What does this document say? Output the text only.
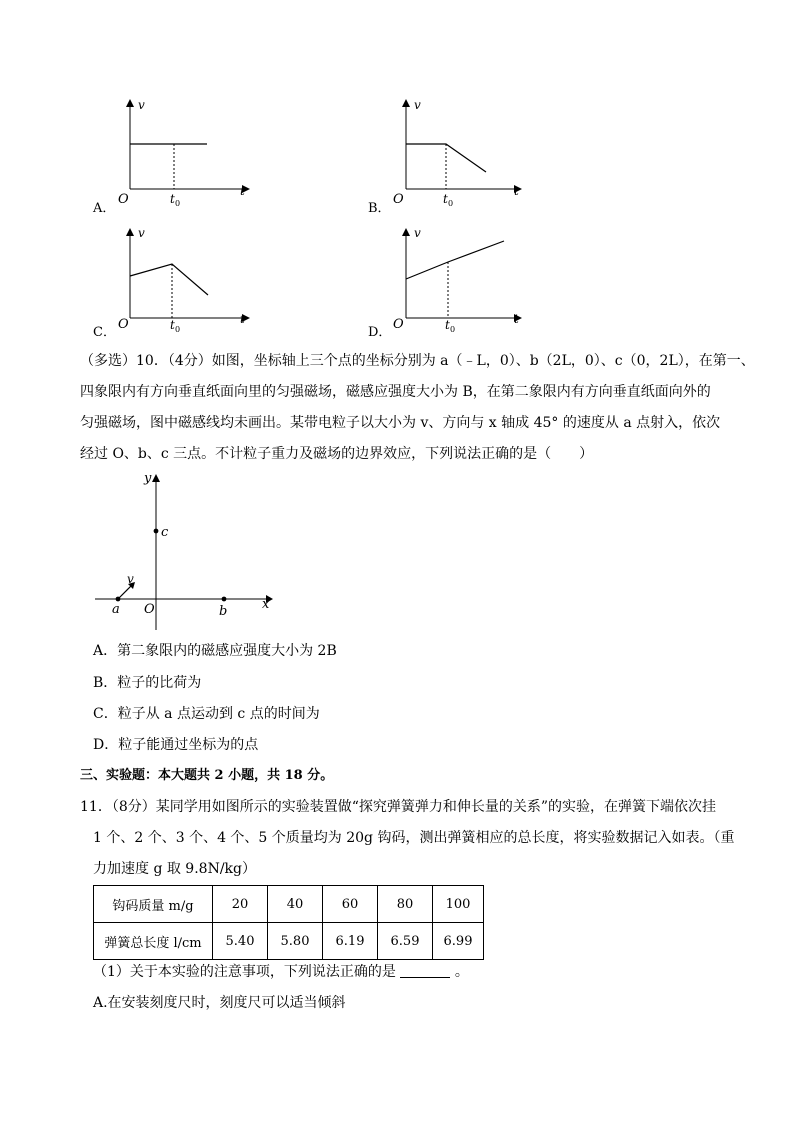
v
t
O	t 0
A．
v
t
O	t 0
B．
v
t
O	t 0
C．
v
t
O	t 0
D．
（多选）10．（4分）如图，坐标轴上三个点的坐标分别为 a（﹣L，0）、b（2L，0）、c（0，2L），在第一、
四象限内有方向垂直纸面向里的匀强磁场，磁感应强度大小为 B，在第二象限内有方向垂直纸面向外的
匀强磁场，图中磁感线均未画出。某带电粒子以大小为 v、方向与 x 轴成 45° 的速度从 a 点射入，依次
经过 O、b、c 三点。不计粒子重力及磁场的边界效应，下列说法正确的是（　　）
y
x
c
v
a O	b
A．第二象限内的磁感应强度大小为 2B
B．粒子的比荷为
C．粒子从 a 点运动到 c 点的时间为
D．粒子能通过坐标为的点
三、实验题：本大题共 2 小题，共 18 分。
11．（8分）某同学用如图所示的实验装置做“探究弹簧弹力和伸长量的关系”的实验，在弹簧下端依次挂
1 个、2 个、3 个、4 个、5 个质量均为 20g 钩码，测出弹簧相应的总长度，将实验数据记入如表。（重
力加速度 g 取 9.8N/kg）
钩码质量 m/g	20	40	60	80	100
弹簧总长度 l/cm	5.40	5.80	6.19	6.59	6.99
（1）关于本实验的注意事项，下列说法正确的是	。
A.在安装刻度尺时，刻度尺可以适当倾斜
